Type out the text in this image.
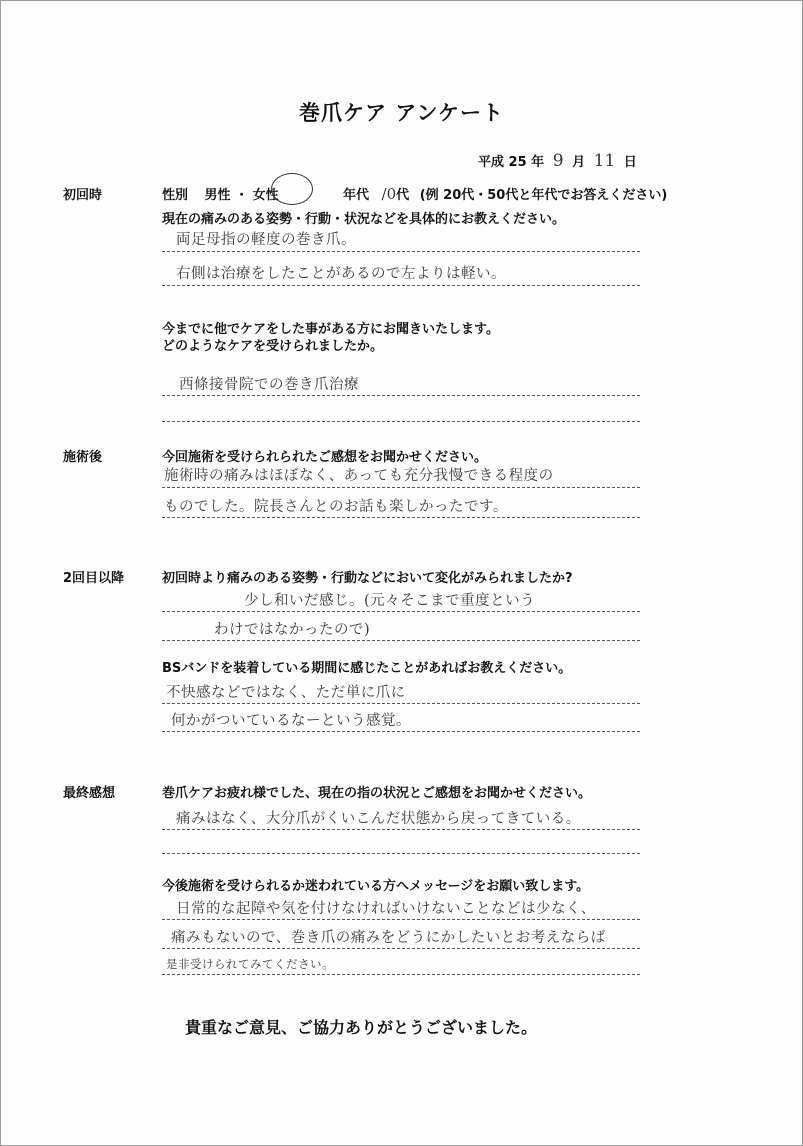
巻爪ケア アンケート
平成 25 年 9 月 11 日
初回時	性別 男性 ・ 女性	年代 /0代 (例 20代・50代と年代でお答えください)
現在の痛みのある姿勢・行動・状況などを具体的にお教えください。
両足母指の軽度の巻き爪。
右側は治療をしたことがあるので左よりは軽い。
今までに他でケアをした事がある方にお聞きいたします。
どのようなケアを受けられましたか。
西條接骨院での巻き爪治療
施術後	今回施術を受けられられたご感想をお聞かせください。
施術時の痛みはほぼなく、あっても充分我慢できる程度の
ものでした。院長さんとのお話も楽しかったです。
2回目以降	初回時より痛みのある姿勢・行動などにおいて変化がみられましたか?
少し和いだ感じ。(元々そこまで重度という
わけではなかったので)
BSバンドを装着している期間に感じたことがあればお教えください。
不快感などではなく、ただ単に爪に
何かがついているなーという感覚。
最終感想	巻爪ケアお疲れ様でした、現在の指の状況とご感想をお聞かせください。
痛みはなく、大分爪がくいこんだ状態から戻ってきている。
今後施術を受けられるか迷われている方へメッセージをお願い致します。
日常的な起障や気を付けなければいけないことなどは少なく、
痛みもないので、巻き爪の痛みをどうにかしたいとお考えならば
是非受けられてみてください。
貴重なご意見、ご協力ありがとうございました。
